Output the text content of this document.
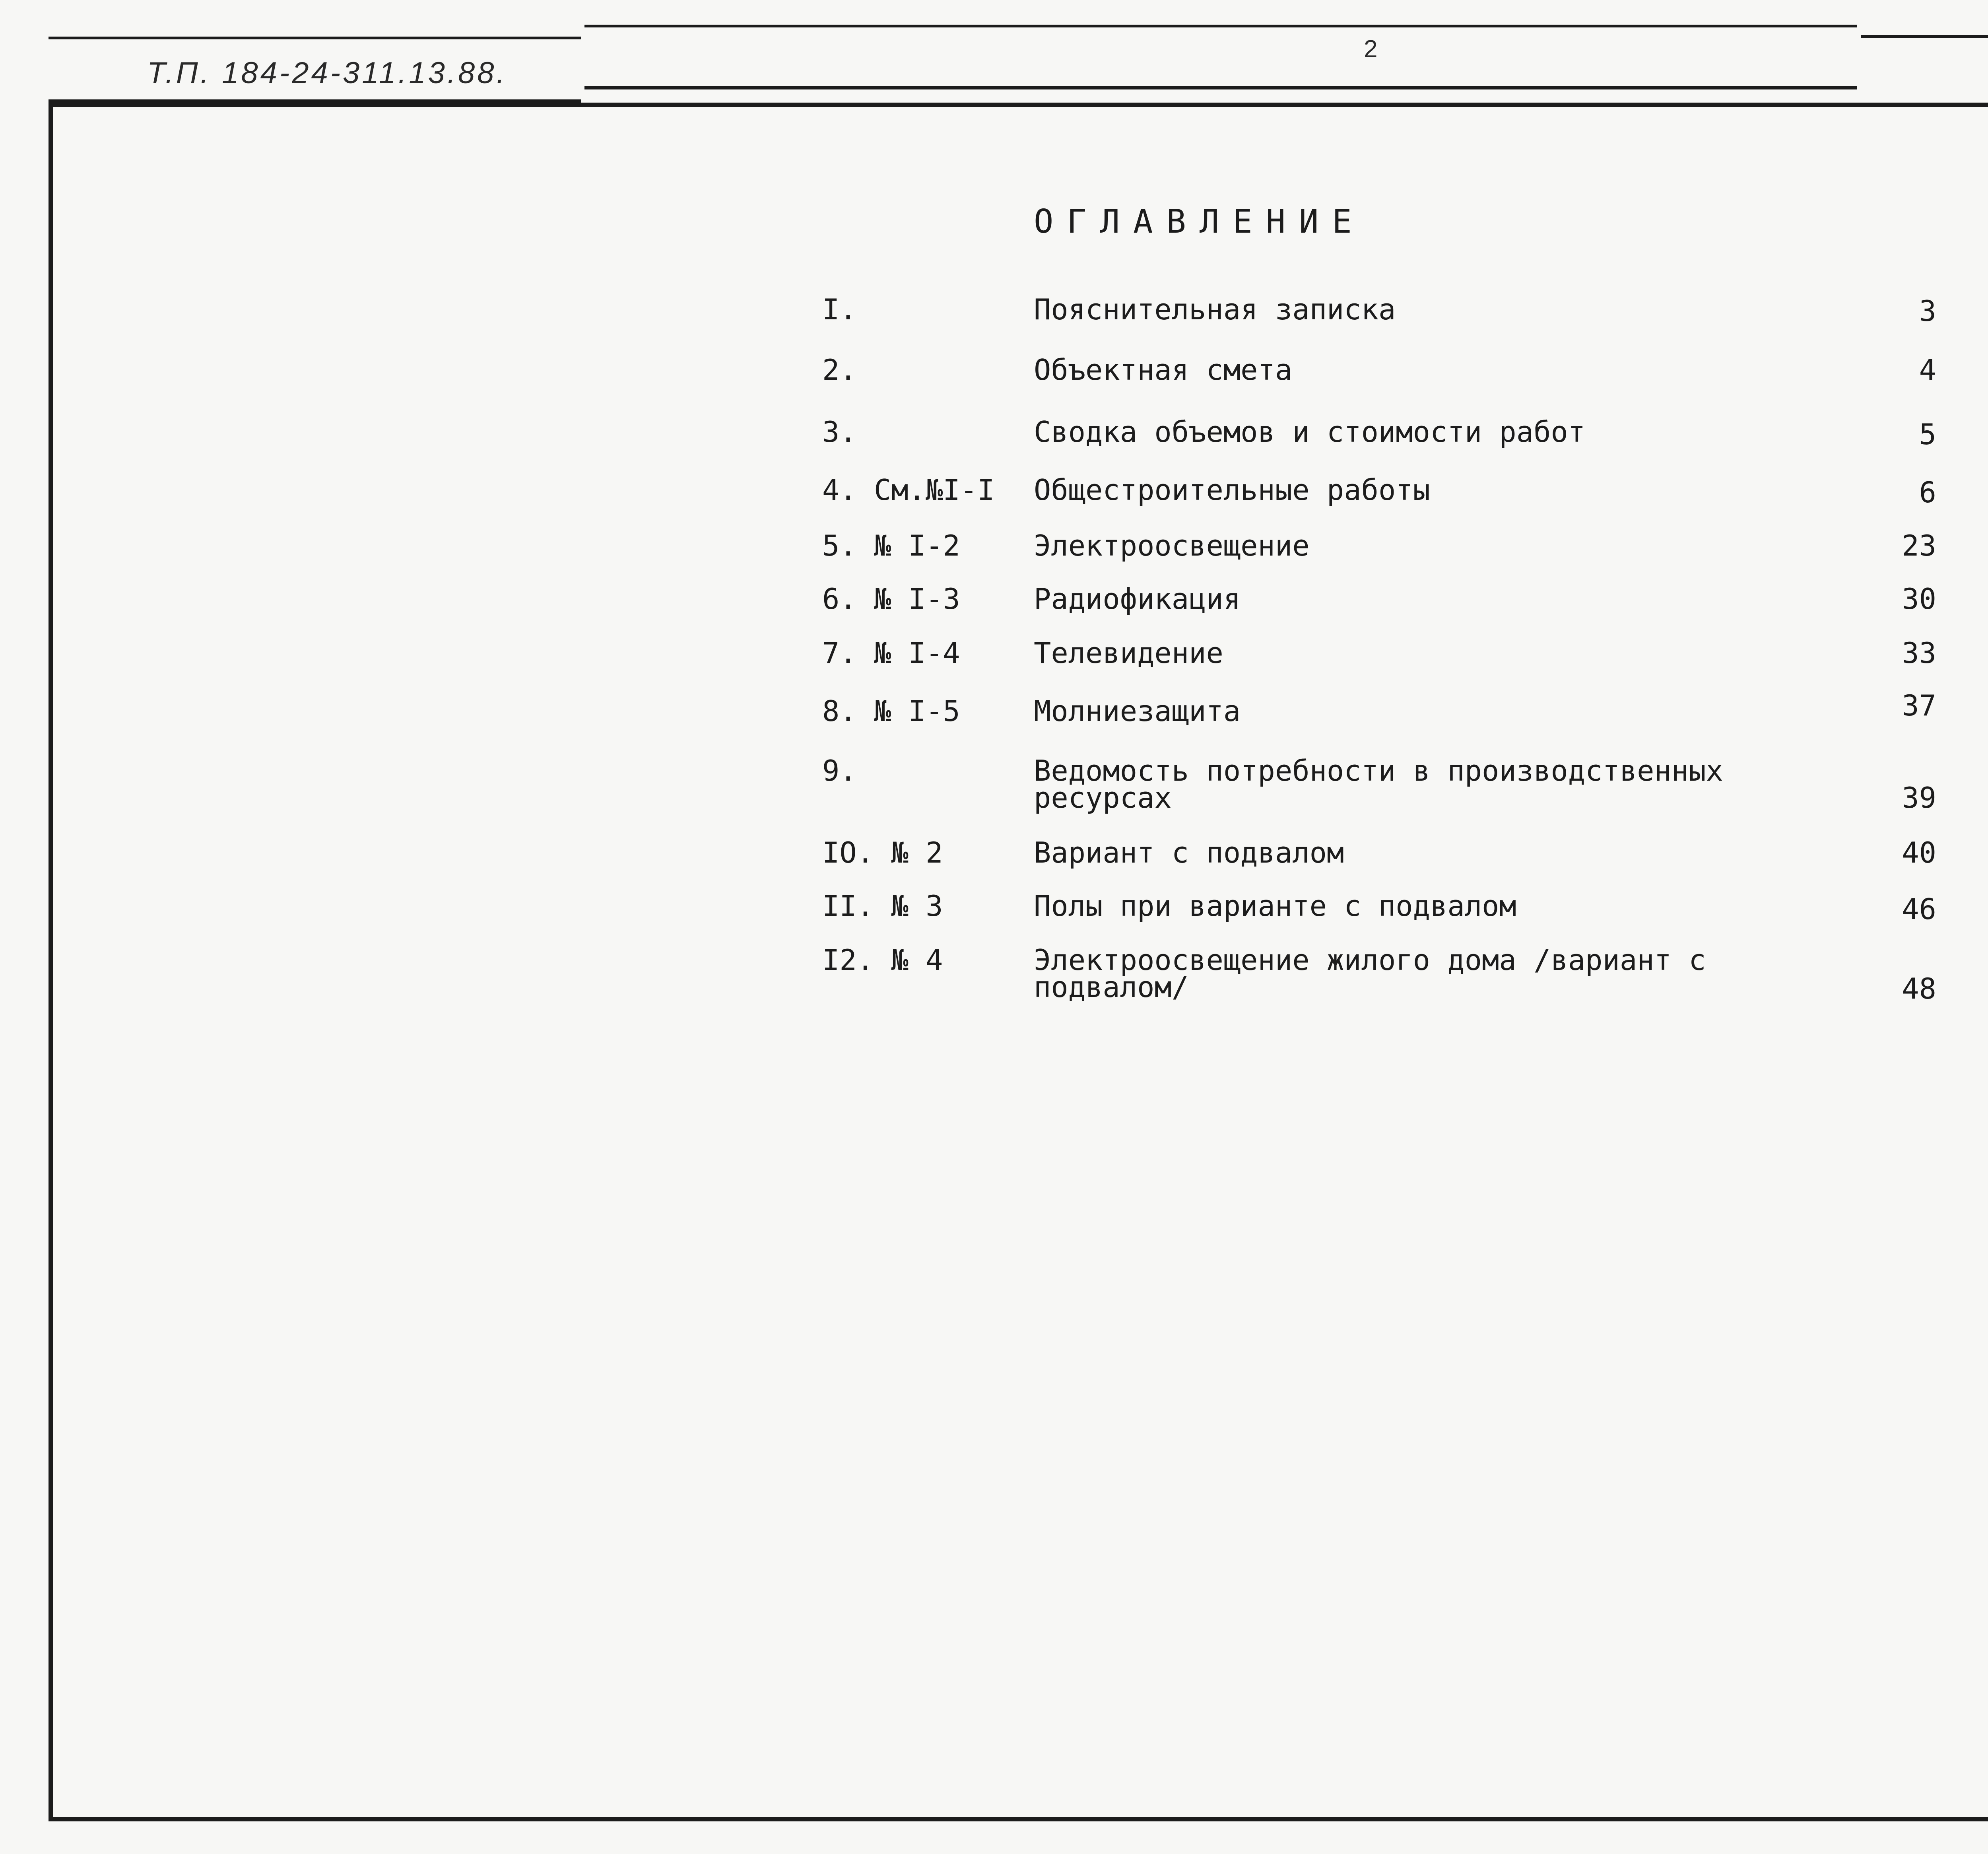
Т.П. 184-24-311.13.88.
2
ОГЛАВЛЕНИЕ
I.	Пояснительная записка	3
2.	Объектная смета	4
3.	Сводка объемов и стоимости работ	5
4. См.№I-I Общестроительные работы	6
5. № I-2	Электроосвещение	23
6. № I-3	Радиофикация	30
7. № I-4	Телевидение	33
8. № I-5	Молниезащита	37
9.	Ведомость потребности в производственных
ресурсах	39
IO. № 2	Вариант с подвалом	40
II. № 3	Полы при варианте с подвалом	46
I2. № 4	Электроосвещение жилого дома /вариант с
подвалом/	48
